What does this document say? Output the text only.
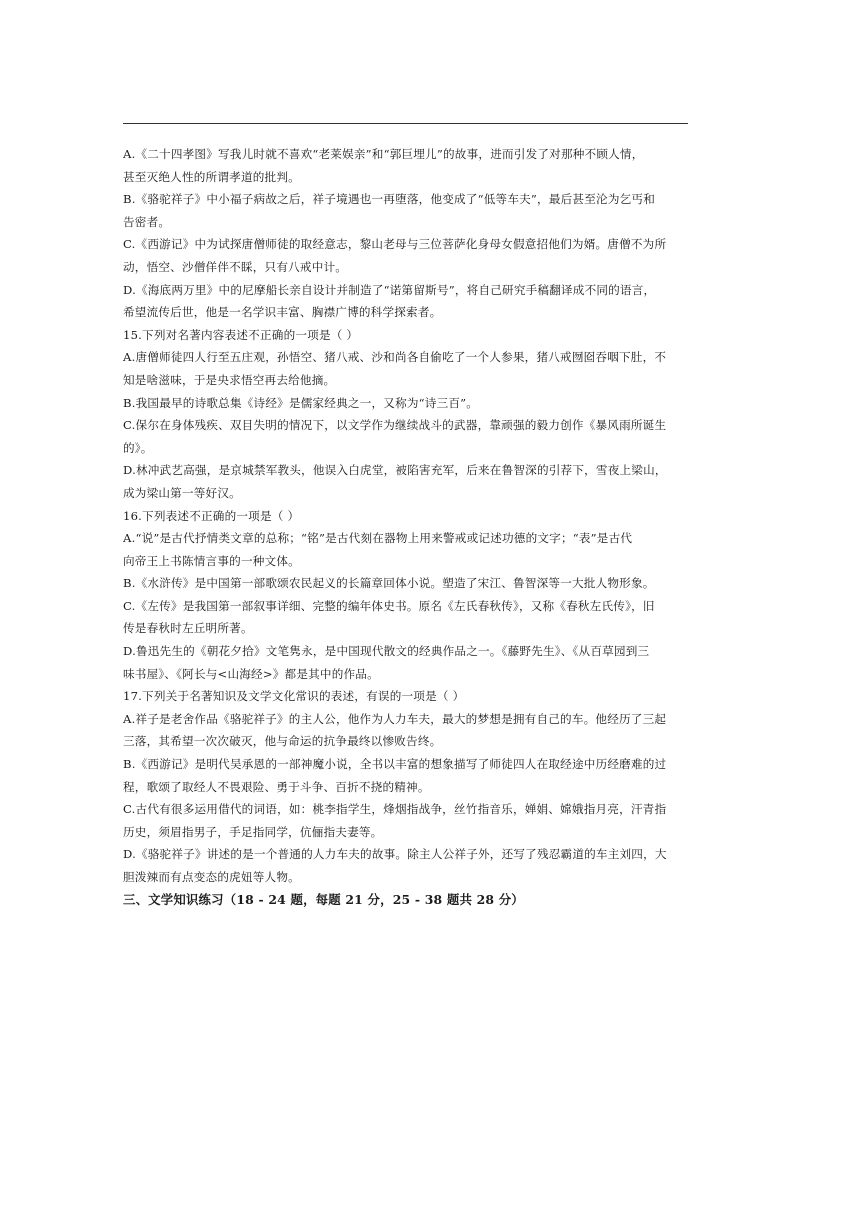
A.《二十四孝图》写我儿时就不喜欢“老莱娱亲”和“郭巨埋儿”的故事，进而引发了对那种不顾人情，
甚至灭绝人性的所谓孝道的批判。
B.《骆驼祥子》中小福子病故之后，祥子境遇也一再堕落，他变成了“低等车夫”，最后甚至沦为乞丐和
告密者。
C.《西游记》中为试探唐僧师徒的取经意志，黎山老母与三位菩萨化身母女假意招他们为婿。唐僧不为所
动，悟空、沙僧佯伴不睬，只有八戒中计。
D.《海底两万里》中的尼摩船长亲自设计并制造了“诺第留斯号”，将自己研究手稿翻译成不同的语言，
希望流传后世，他是一名学识丰富、胸襟广博的科学探索者。
15.下列对名著内容表述不正确的一项是（ ）
A.唐僧师徒四人行至五庄观，孙悟空、猪八戒、沙和尚各自偷吃了一个人参果，猪八戒囫囵吞咽下肚，不
知是啥滋味，于是央求悟空再去给他摘。
B.我国最早的诗歌总集《诗经》是儒家经典之一，又称为“诗三百”。
C.保尔在身体残疾、双目失明的情况下，以文学作为继续战斗的武器，靠顽强的毅力创作《暴风雨所诞生
的》。
D.林冲武艺高强，是京城禁军教头，他误入白虎堂，被陷害充军，后来在鲁智深的引荐下，雪夜上梁山，
成为梁山第一等好汉。
16.下列表述不正确的一项是（ ）
A.“说”是古代抒情类文章的总称；“铭”是古代刻在器物上用来警戒或记述功德的文字；“表”是古代
向帝王上书陈情言事的一种文体。
B.《水浒传》是中国第一部歌颂农民起义的长篇章回体小说。塑造了宋江、鲁智深等一大批人物形象。
C.《左传》是我国第一部叙事详细、完整的编年体史书。原名《左氏春秋传》，又称《春秋左氏传》，旧
传是春秋时左丘明所著。
D.鲁迅先生的《朝花夕拾》文笔隽永，是中国现代散文的经典作品之一。《藤野先生》、《从百草园到三
味书屋》、《阿长与<山海经>》都是其中的作品。
17.下列关于名著知识及文学文化常识的表述，有误的一项是（ ）
A.祥子是老舍作品《骆驼祥子》的主人公，他作为人力车夫，最大的梦想是拥有自己的车。他经历了三起
三落，其希望一次次破灭，他与命运的抗争最终以惨败告终。
B.《西游记》是明代吴承恩的一部神魔小说，全书以丰富的想象描写了师徒四人在取经途中历经磨难的过
程，歌颂了取经人不畏艰险、勇于斗争、百折不挠的精神。
C.古代有很多运用借代的词语，如：桃李指学生，烽烟指战争，丝竹指音乐，婵娟、嫦娥指月亮，汗青指
历史，须眉指男子，手足指同学，伉俪指夫妻等。
D.《骆驼祥子》讲述的是一个普通的人力车夫的故事。除主人公祥子外，还写了残忍霸道的车主刘四，大
胆泼辣而有点变态的虎妞等人物。
三、文学知识练习（18 - 24 题，每题 21 分，25 - 38 题共 28 分）
